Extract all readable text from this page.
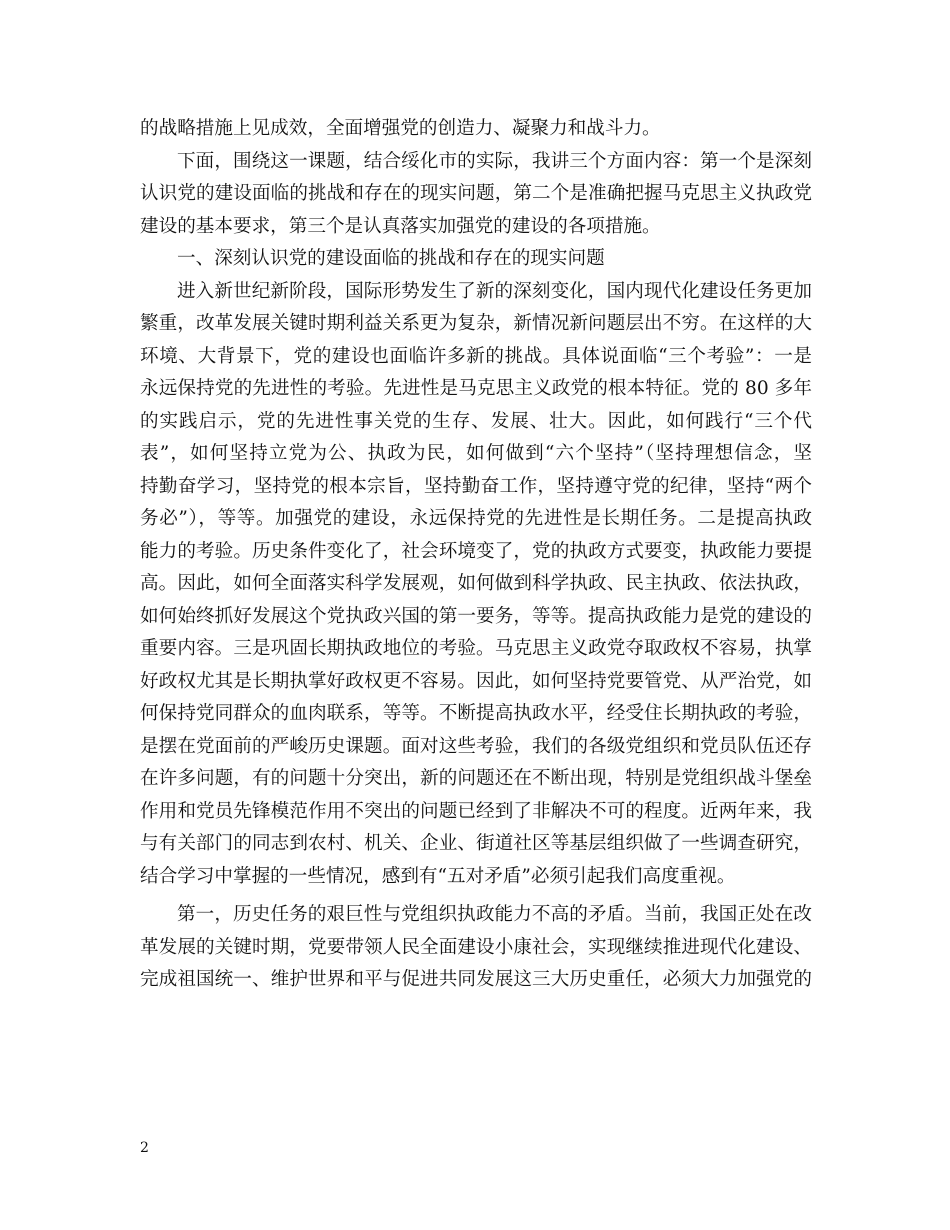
的战略措施上见成效，全面增强党的创造力、凝聚力和战斗力。
下面，围绕这一课题，结合绥化市的实际，我讲三个方面内容：第一个是深刻
认识党的建设面临的挑战和存在的现实问题，第二个是准确把握马克思主义执政党
建设的基本要求，第三个是认真落实加强党的建设的各项措施。
一、深刻认识党的建设面临的挑战和存在的现实问题
进入新世纪新阶段，国际形势发生了新的深刻变化，国内现代化建设任务更加
繁重，改革发展关键时期利益关系更为复杂，新情况新问题层出不穷。在这样的大
环境、大背景下，党的建设也面临许多新的挑战。具体说面临“三个考验”：一是
永远保持党的先进性的考验。先进性是马克思主义政党的根本特征。党的 80 多年
的实践启示，党的先进性事关党的生存、发展、壮大。因此，如何践行“三个代
表”，如何坚持立党为公、执政为民，如何做到“六个坚持”（坚持理想信念，坚
持勤奋学习，坚持党的根本宗旨，坚持勤奋工作，坚持遵守党的纪律，坚持“两个
务必”），等等。加强党的建设，永远保持党的先进性是长期任务。二是提高执政
能力的考验。历史条件变化了，社会环境变了，党的执政方式要变，执政能力要提
高。因此，如何全面落实科学发展观，如何做到科学执政、民主执政、依法执政，
如何始终抓好发展这个党执政兴国的第一要务，等等。提高执政能力是党的建设的
重要内容。三是巩固长期执政地位的考验。马克思主义政党夺取政权不容易，执掌
好政权尤其是长期执掌好政权更不容易。因此，如何坚持党要管党、从严治党，如
何保持党同群众的血肉联系，等等。不断提高执政水平，经受住长期执政的考验，
是摆在党面前的严峻历史课题。面对这些考验，我们的各级党组织和党员队伍还存
在许多问题，有的问题十分突出，新的问题还在不断出现，特别是党组织战斗堡垒
作用和党员先锋模范作用不突出的问题已经到了非解决不可的程度。近两年来，我
与有关部门的同志到农村、机关、企业、街道社区等基层组织做了一些调查研究，
结合学习中掌握的一些情况，感到有“五对矛盾”必须引起我们高度重视。
第一，历史任务的艰巨性与党组织执政能力不高的矛盾。当前，我国正处在改
革发展的关键时期，党要带领人民全面建设小康社会，实现继续推进现代化建设、
完成祖国统一、维护世界和平与促进共同发展这三大历史重任，必须大力加强党的
2
